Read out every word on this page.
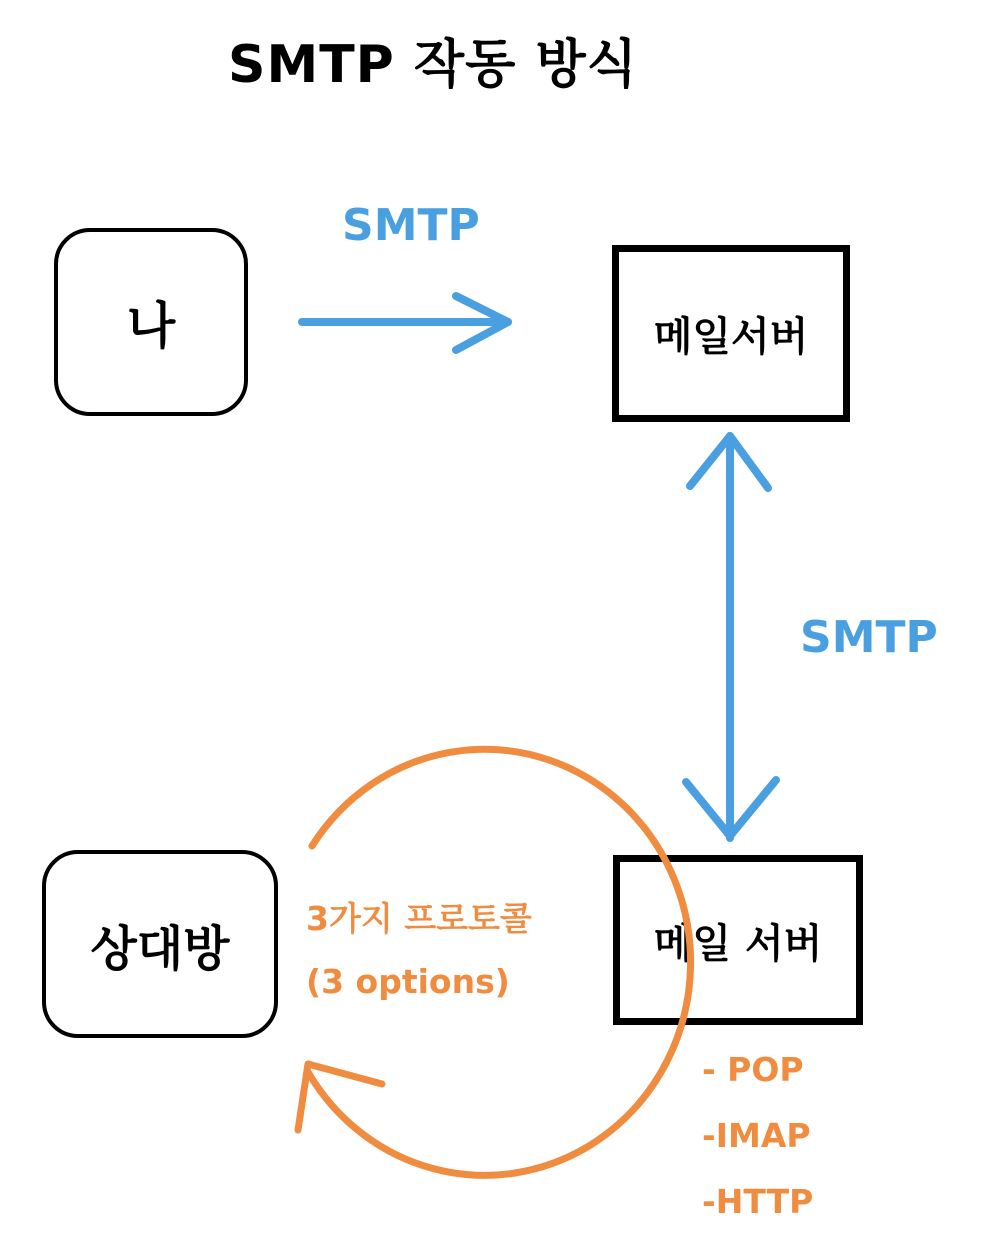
SMTP 작동 방식
나	메일서버
상대방	메일 서버
SMTP
SMTP
3가지 프로토콜
(3 options)
- POP
-IMAP
-HTTP
